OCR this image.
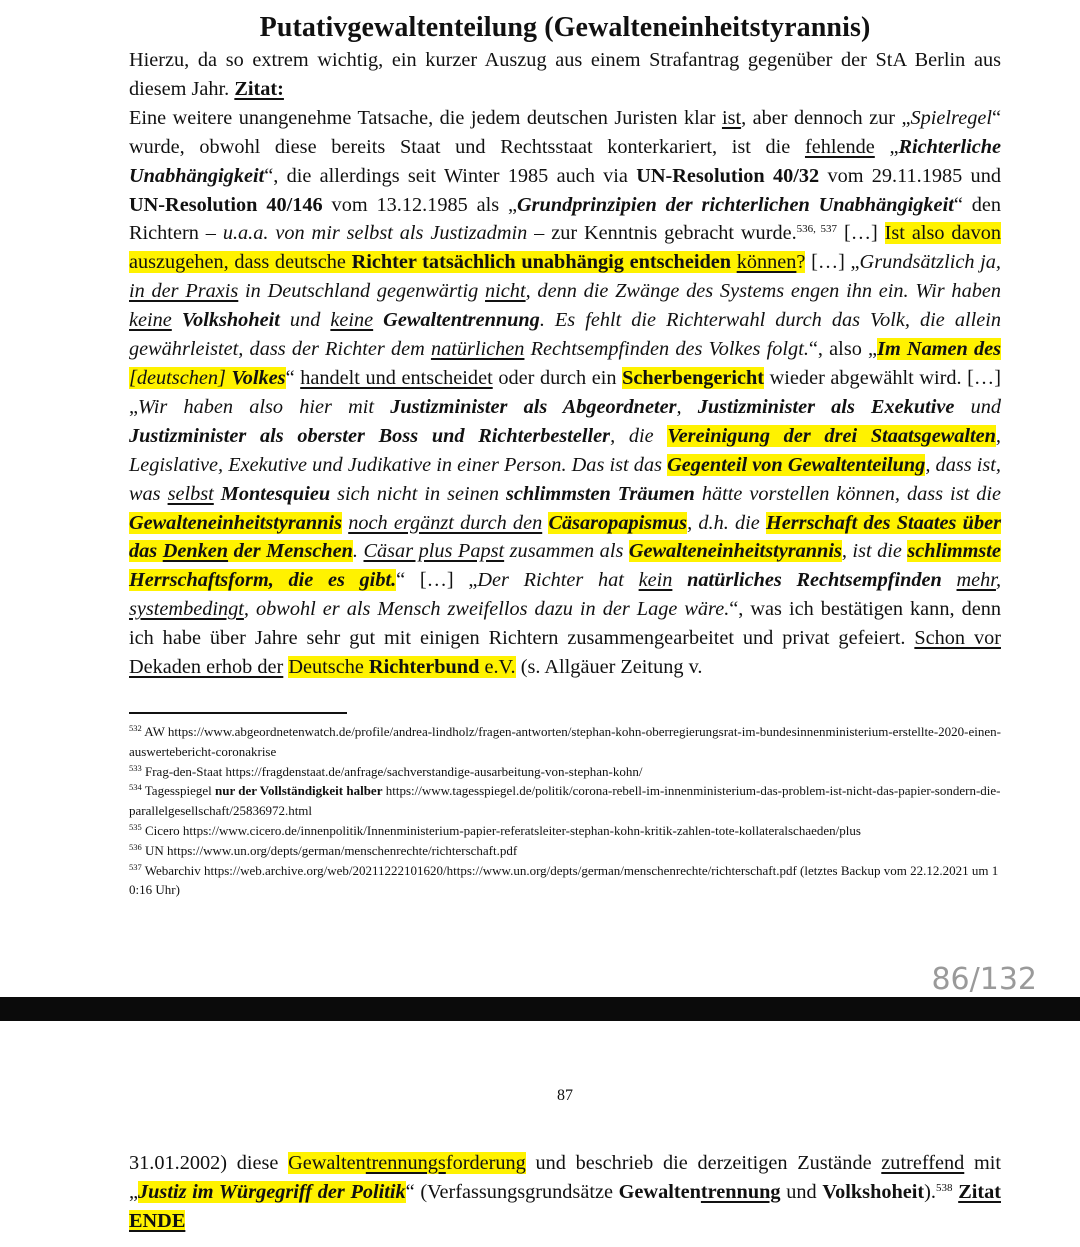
Putativgewaltenteilung (Gewalteneinheitstyrannis)
Hierzu, da so extrem wichtig, ein kurzer Auszug aus einem Strafantrag gegenüber der StA Berlin aus diesem Jahr. Zitat:
Eine weitere unangenehme Tatsache, die jedem deutschen Juristen klar ist, aber dennoch zur „Spielregel“ wurde, obwohl diese bereits Staat und Rechtsstaat konterkariert, ist die fehlende „Richterliche Unabhängigkeit“, die allerdings seit Winter 1985 auch via UN-Resolution 40/32 vom 29.11.1985 und UN-Resolution 40/146 vom 13.12.1985 als „Grundprinzipien der richterlichen Unabhängigkeit“ den Richtern – u.a.a. von mir selbst als Justizadmin – zur Kenntnis gebracht wurde.$^{536, 537}$ […] Ist also davon auszugehen, dass deutsche Richter tatsächlich unabhängig entscheiden können? […] „Grundsätzlich ja, in der Praxis in Deutschland gegenwärtig nicht, denn die Zwänge des Systems engen ihn ein. Wir haben keine Volkshoheit und keine Gewaltentrennung. Es fehlt die Richterwahl durch das Volk, die allein gewährleistet, dass der Richter dem natürlichen Rechtsempfinden des Volkes folgt.“, also „Im Namen des [deutschen] Volkes“ handelt und entscheidet oder durch ein Scherbengericht wieder abgewählt wird. […] „Wir haben also hier mit Justizminister als Abgeordneter, Justizminister als Exekutive und Justizminister als oberster Boss und Richterbesteller, die Vereinigung der drei Staatsgewalten, Legislative, Exekutive und Judikative in einer Person. Das ist das Gegenteil von Gewaltenteilung, dass ist, was selbst Montesquieu sich nicht in seinen schlimmsten Träumen hätte vorstellen können, dass ist die Gewalteneinheitstyrannis noch ergänzt durch den Cäsaropapismus, d.h. die Herrschaft des Staates über das Denken der Menschen. Cäsar plus Papst zusammen als Gewalteneinheitstyrannis, ist die schlimmste Herrschaftsform, die es gibt.“ […] „Der Richter hat kein natürliches Rechtsempfinden mehr, systembedingt, obwohl er als Mensch zweifellos dazu in der Lage wäre.“, was ich bestätigen kann, denn ich habe über Jahre sehr gut mit einigen Richtern zusammengearbeitet und privat gefeiert. Schon vor Dekaden erhob der Deutsche Richterbund e.V. (s. Allgäuer Zeitung v.

$^{532}$ AW https://www.abgeordnetenwatch.de/profile/andrea-lindholz/fragen-antworten/stephan-kohn-oberregierungsrat-im-bundesinnenministerium-erstellte-2020-einen-auswertebericht-coronakrise

$^{533}$ Frag-den-Staat https://fragdenstaat.de/anfrage/sachverstandige-ausarbeitung-von-stephan-kohn/

$^{534}$ Tagesspiegel nur der Vollständigkeit halber https://www.tagesspiegel.de/politik/corona-rebell-im-innenministerium-das-problem-ist-nicht-das-papier-sondern-die-parallelgesellschaft/25836972.html

$^{535}$ Cicero https://www.cicero.de/innenpolitik/Innenministerium-papier-referatsleiter-stephan-kohn-kritik-zahlen-tote-kollateralschaeden/plus

$^{536}$ UN https://www.un.org/depts/german/menschenrechte/richterschaft.pdf

$^{537}$ Webarchiv https://web.archive.org/web/20211222101620/https://www.un.org/depts/german/menschenrechte/richterschaft.pdf (letztes Backup vom 22.12.2021 um 10:16 Uhr)

86/132
87
31.01.2002) diese Gewaltentrennungsforderung und beschrieb die derzeitigen Zustände zutreffend mit „Justiz im Würgegriff der Politik“ (Verfassungsgrundsätze Gewaltentrennung und Volkshoheit).$^{538}$ Zitat ENDE
